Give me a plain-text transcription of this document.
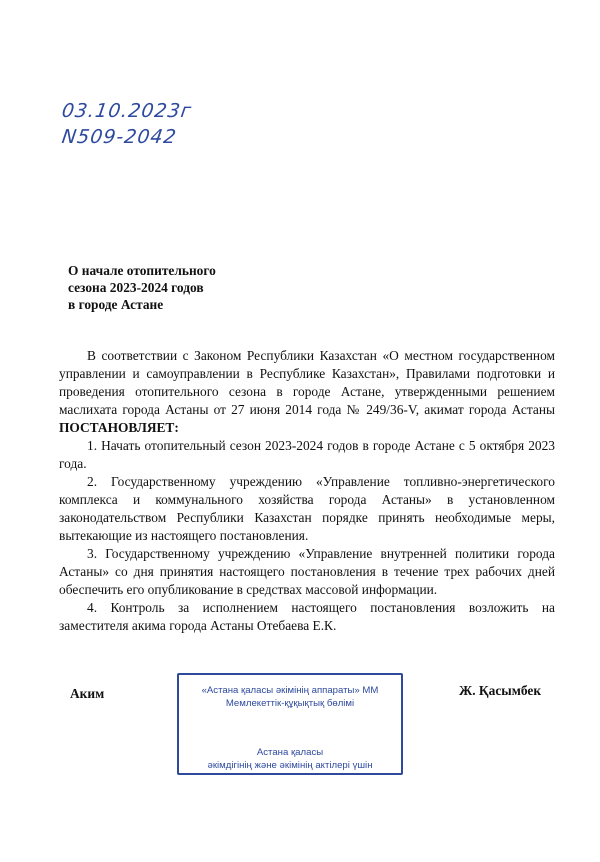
03.10.2023г
N509-2042
О начале отопительного
сезона 2023-2024 годов
в городе Астане

В соответствии с Законом Республики Казахстан «О местном государственном управлении и самоуправлении в Республике Казахстан», Правилами подготовки и проведения отопительного сезона в городе Астане, утвержденными решением маслихата города Астаны от 27 июня 2014 года № 249/36-V, акимат города Астаны ПОСТАНОВЛЯЕТ:

1. Начать отопительный сезон 2023-2024 годов в городе Астане с 5 октября 2023 года.

2. Государственному учреждению «Управление топливно-энергетического комплекса и коммунального хозяйства города Астаны» в установленном законодательством Республики Казахстан порядке принять необходимые меры, вытекающие из настоящего постановления.

3. Государственному учреждению «Управление внутренней политики города Астаны» со дня принятия настоящего постановления в течение трех рабочих дней обеспечить его опубликование в средствах массовой информации.

4. Контроль за исполнением настоящего постановления возложить на заместителя акима города Астаны Отебаева Е.К.

Аким	Ж. Қасымбек
«Астана қаласы әкімінің аппараты» ММ
Мемлекеттік-құқықтық бөлімі
Астана қаласы
әкімдігінің және әкімінің актілері үшін
